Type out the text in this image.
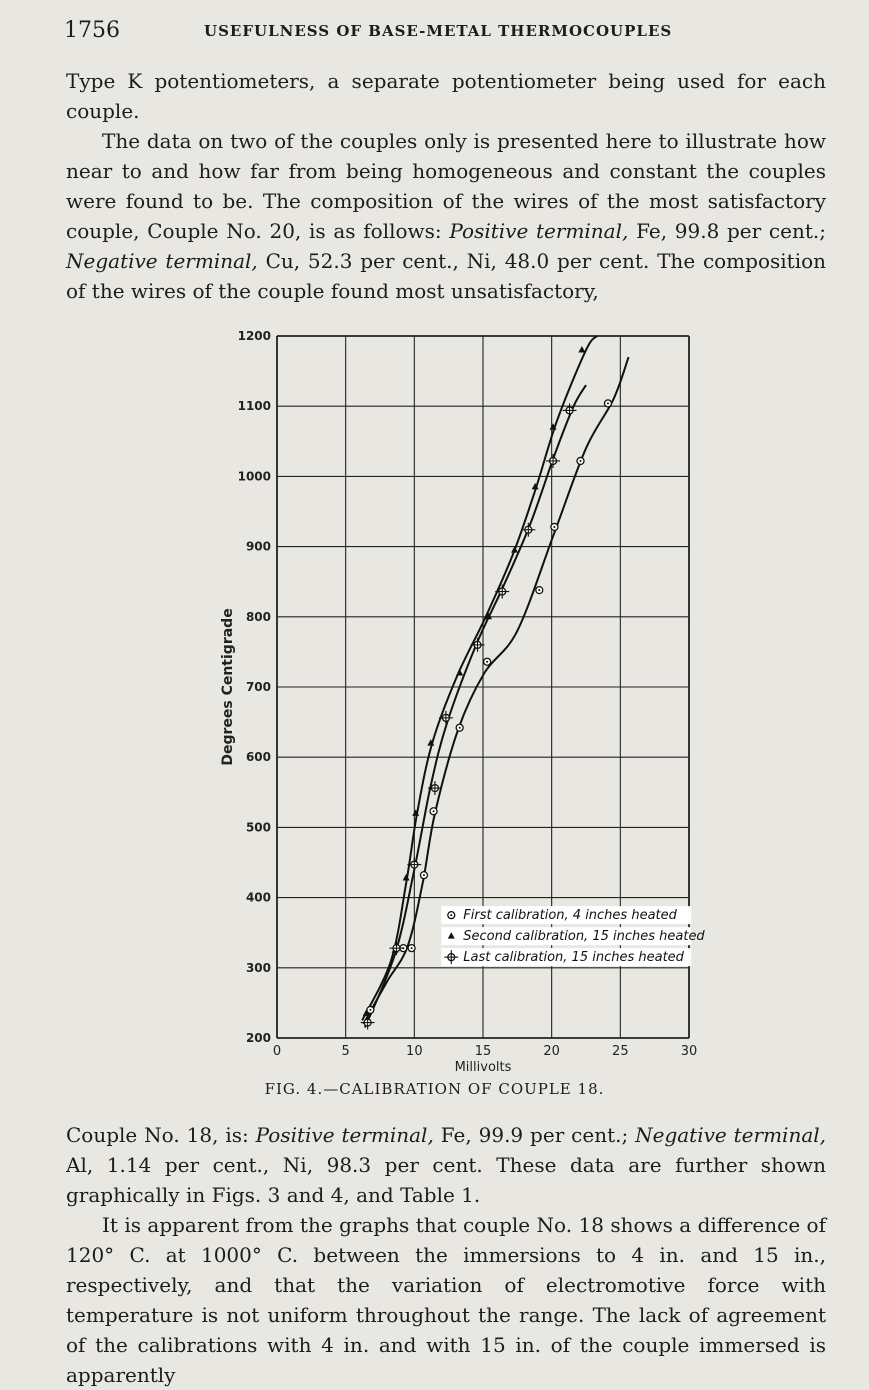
1756	USEFULNESS OF BASE-METAL THERMOCOUPLES

Type K potentiometers, a separate potentiometer being used for each couple.

The data on two of the couples only is presented here to illustrate how near to and how far from being homogeneous and constant the couples were found to be. The composition of the wires of the most satisfactory couple, Couple No. 20, is as follows: Positive terminal, Fe, 99.8 per cent.; Negative terminal, Cu, 52.3 per cent., Ni, 48.0 per cent. The composition of the wires of the couple found most unsatisfactory,

0	5	10	15	20	25	30
200
300
400
500
600
700
800
900
1000
1100
1200
Millivolts
Degrees Centigrade
First calibration, 4 inches heated
Second calibration, 15 inches heated
Last calibration, 15 inches heated
FIG. 4.—CALIBRATION OF COUPLE 18.

Couple No. 18, is: Positive terminal, Fe, 99.9 per cent.; Negative terminal, Al, 1.14 per cent., Ni, 98.3 per cent. These data are further shown graphically in Figs. 3 and 4, and Table 1.

It is apparent from the graphs that couple No. 18 shows a difference of 120° C. at 1000° C. between the immersions to 4 in. and 15 in., respectively, and that the variation of electromotive force with temperature is not uniform throughout the range. The lack of agreement of the calibrations with 4 in. and with 15 in. of the couple immersed is apparently
